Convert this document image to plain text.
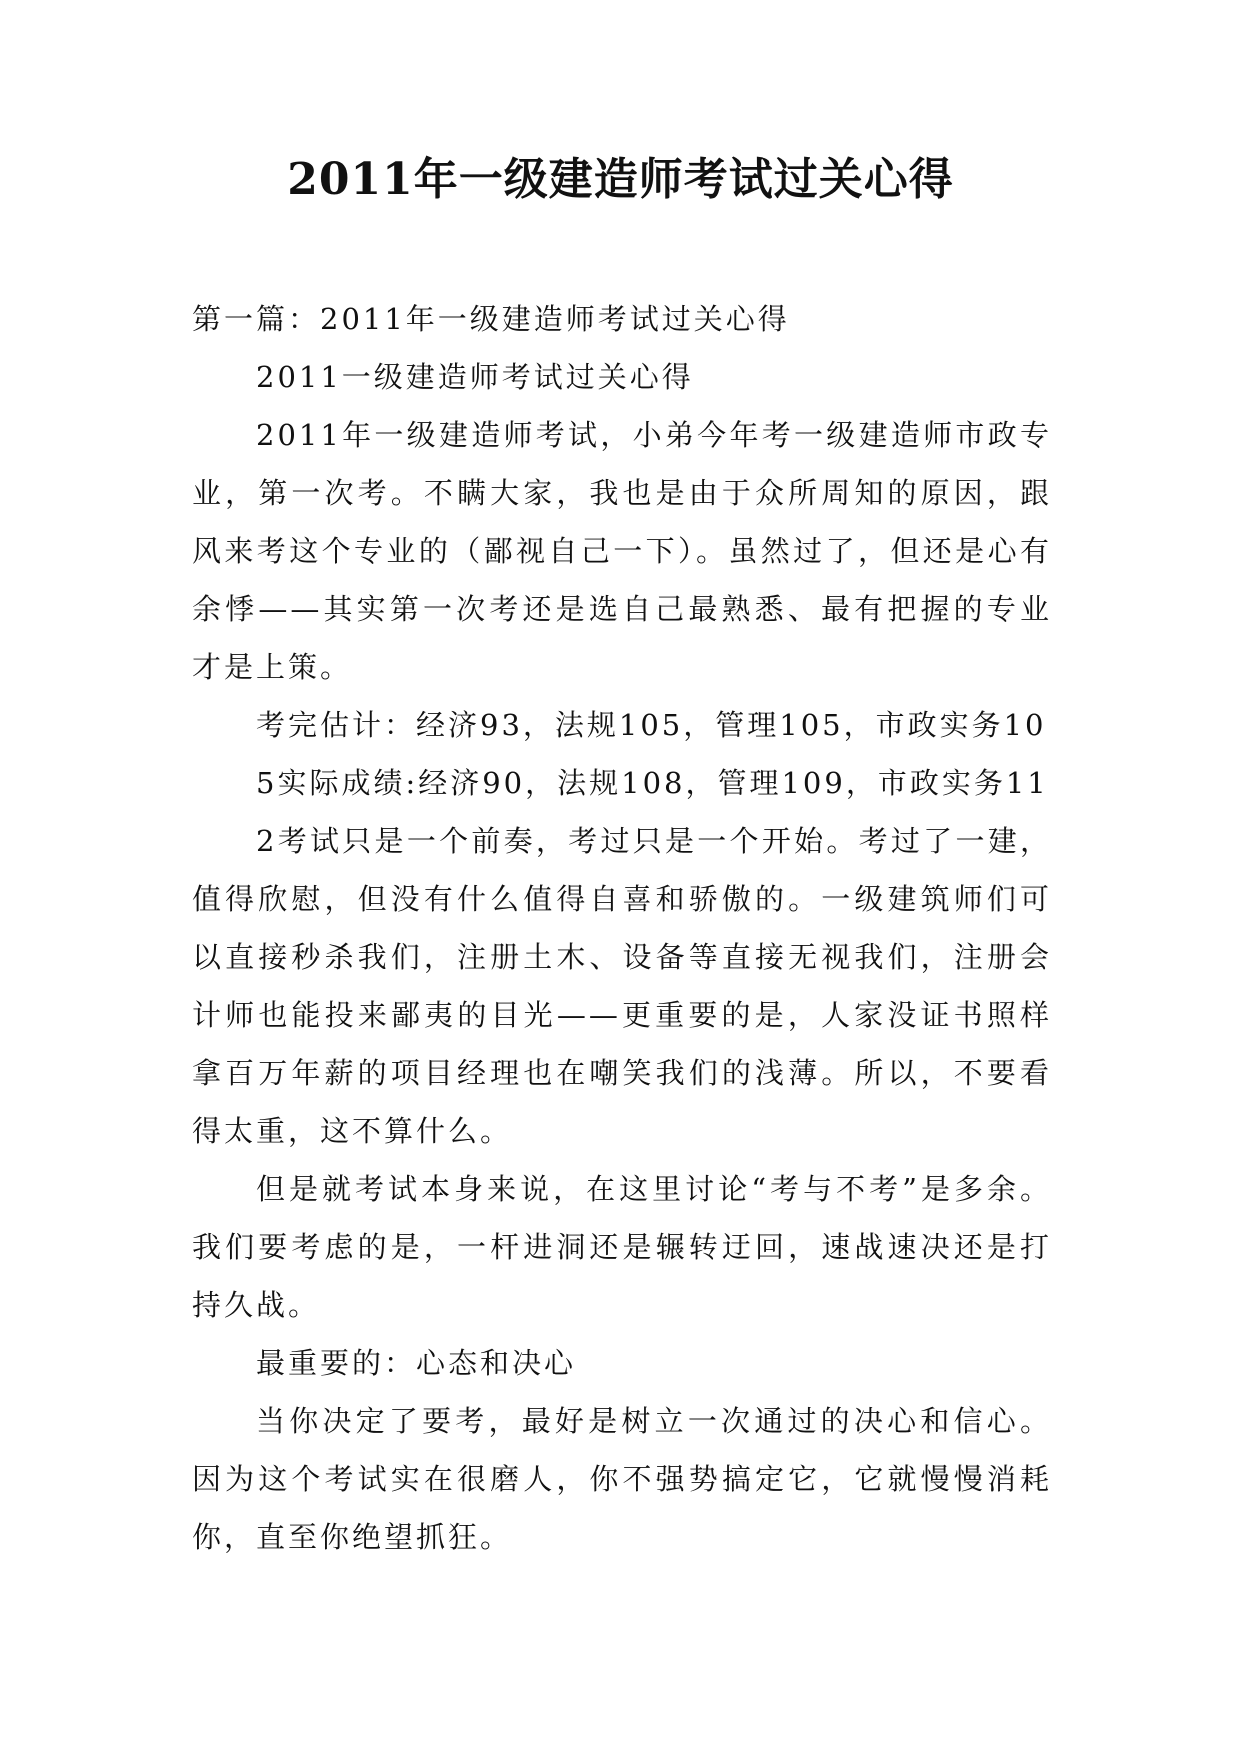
2011年一级建造师考试过关心得

第一篇：2011年一级建造师考试过关心得

2011一级建造师考试过关心得

2011年一级建造师考试，小弟今年考一级建造师市政专业，第一次考。不瞒大家，我也是由于众所周知的原因，跟风来考这个专业的（鄙视自己一下）。虽然过了，但还是心有余悸——其实第一次考还是选自己最熟悉、最有把握的专业才是上策。

考完估计：经济93，法规105，管理105，市政实务10

5实际成绩:经济90，法规108，管理109，市政实务11

2考试只是一个前奏，考过只是一个开始。考过了一建，值得欣慰，但没有什么值得自喜和骄傲的。一级建筑师们可以直接秒杀我们，注册土木、设备等直接无视我们，注册会计师也能投来鄙夷的目光——更重要的是，人家没证书照样拿百万年薪的项目经理也在嘲笑我们的浅薄。所以，不要看得太重，这不算什么。

但是就考试本身来说，在这里讨论“考与不考”是多余。我们要考虑的是，一杆进洞还是辗转迂回，速战速决还是打持久战。

最重要的：心态和决心

当你决定了要考，最好是树立一次通过的决心和信心。因为这个考试实在很磨人，你不强势搞定它，它就慢慢消耗你，直至你绝望抓狂。
